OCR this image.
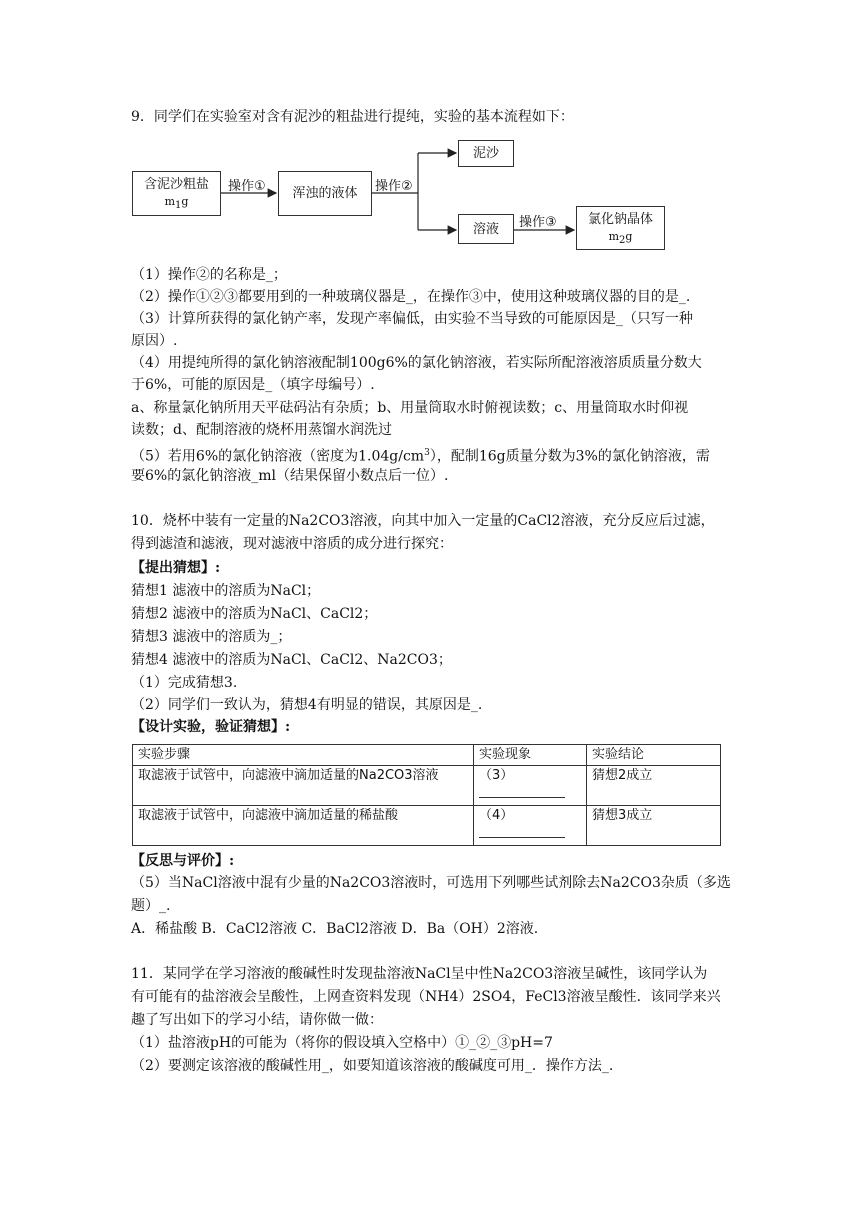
9．同学们在实验室对含有泥沙的粗盐进行提纯，实验的基本流程如下：
含泥沙粗盐
$m_1g$
操作①	浑浊的液体	操作②
泥沙
溶液	操作③	氯化钠晶体
$m_2g$
（1）操作②的名称是_；
（2）操作①②③都要用到的一种玻璃仪器是_，在操作③中，使用这种玻璃仪器的目的是_.
（3）计算所获得的氯化钠产率，发现产率偏低，由实验不当导致的可能原因是_（只写一种
原因）.
（4）用提纯所得的氯化钠溶液配制100g6%的氯化钠溶液，若实际所配溶液溶质质量分数大
于6%，可能的原因是_（填字母编号）.
a、称量氯化钠所用天平砝码沾有杂质；b、用量筒取水时俯视读数；c、用量筒取水时仰视
读数；d、配制溶液的烧杯用蒸馏水润洗过
（5）若用6%的氯化钠溶液（密度为$1.04g/cm^3$），配制16g质量分数为3%的氯化钠溶液，需
要6%的氯化钠溶液_ml（结果保留小数点后一位）.
10．烧杯中装有一定量的Na2CO3溶液，向其中加入一定量的CaCl2溶液，充分反应后过滤，
得到滤渣和滤液，现对滤液中溶质的成分进行探究：
【提出猜想】:
猜想1 滤液中的溶质为NaCl；
猜想2 滤液中的溶质为NaCl、CaCl2；
猜想3 滤液中的溶质为_；
猜想4 滤液中的溶质为NaCl、CaCl2、Na2CO3；
（1）完成猜想3.
（2）同学们一致认为，猜想4有明显的错误，其原因是_.
【设计实验，验证猜想】:
实验步骤	实验现象	实验结论
取滤液于试管中，向滤液中滴加适量的Na2CO3溶液	（3）	猜想2成立
取滤液于试管中，向滤液中滴加适量的稀盐酸	（4）	猜想3成立
【反思与评价】:
（5）当NaCl溶液中混有少量的Na2CO3溶液时，可选用下列哪些试剂除去Na2CO3杂质（多选
题）_.
A．稀盐酸 B．CaCl2溶液 C．BaCl2溶液 D．Ba（OH）2溶液.
11．某同学在学习溶液的酸碱性时发现盐溶液NaCl呈中性Na2CO3溶液呈碱性，该同学认为
有可能有的盐溶液会呈酸性，上网查资料发现（NH4）2SO4，FeCl3溶液呈酸性．该同学来兴
趣了写出如下的学习小结，请你做一做：
（1）盐溶液pH的可能为（将你的假设填入空格中）①_②_③pH=7
（2）要测定该溶液的酸碱性用_，如要知道该溶液的酸碱度可用_．操作方法_.
